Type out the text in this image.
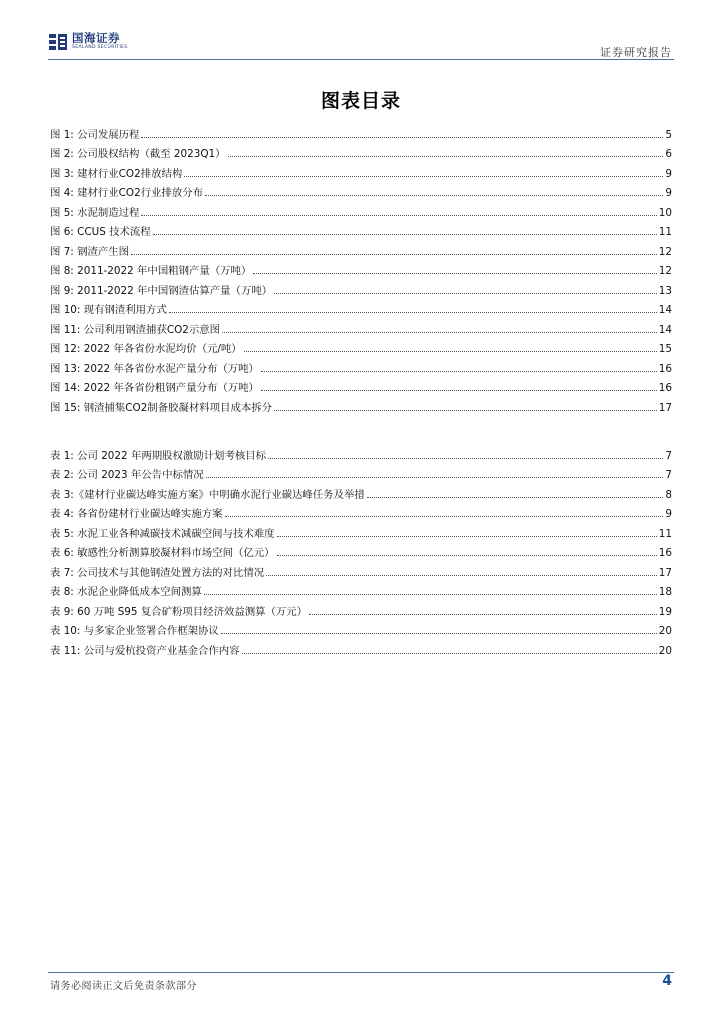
国海证券
SEALAND SECURITIES	证券研究报告
图表目录
图 1: 公司发展历程	5
图 2: 公司股权结构（截至 2023Q1）	6
图 3: 建材行业CO2排放结构	9
图 4: 建材行业CO2行业排放分布	9
图 5: 水泥制造过程	10
图 6: CCUS 技术流程	11
图 7: 钢渣产生图	12
图 8: 2011-2022 年中国粗钢产量（万吨）	12
图 9: 2011-2022 年中国钢渣估算产量（万吨）	13
图 10: 现有钢渣利用方式	14
图 11: 公司利用钢渣捕获CO2示意图	14
图 12: 2022 年各省份水泥均价（元/吨）	15
图 13: 2022 年各省份水泥产量分布（万吨）	16
图 14: 2022 年各省份粗钢产量分布（万吨）	16
图 15: 钢渣捕集CO2制备胶凝材料项目成本拆分	17
表 1: 公司 2022 年两期股权激励计划考核目标	7
表 2: 公司 2023 年公告中标情况	7
表 3:《建材行业碳达峰实施方案》中明确水泥行业碳达峰任务及举措	8
表 4: 各省份建材行业碳达峰实施方案	9
表 5: 水泥工业各种减碳技术减碳空间与技术难度	11
表 6: 敏感性分析测算胶凝材料市场空间（亿元）	16
表 7: 公司技术与其他钢渣处置方法的对比情况	17
表 8: 水泥企业降低成本空间测算	18
表 9: 60 万吨 S95 复合矿粉项目经济效益测算（万元）	19
表 10: 与多家企业签署合作框架协议	20
表 11: 公司与爱杭投资产业基金合作内容	20
请务必阅读正文后免责条款部分	4
